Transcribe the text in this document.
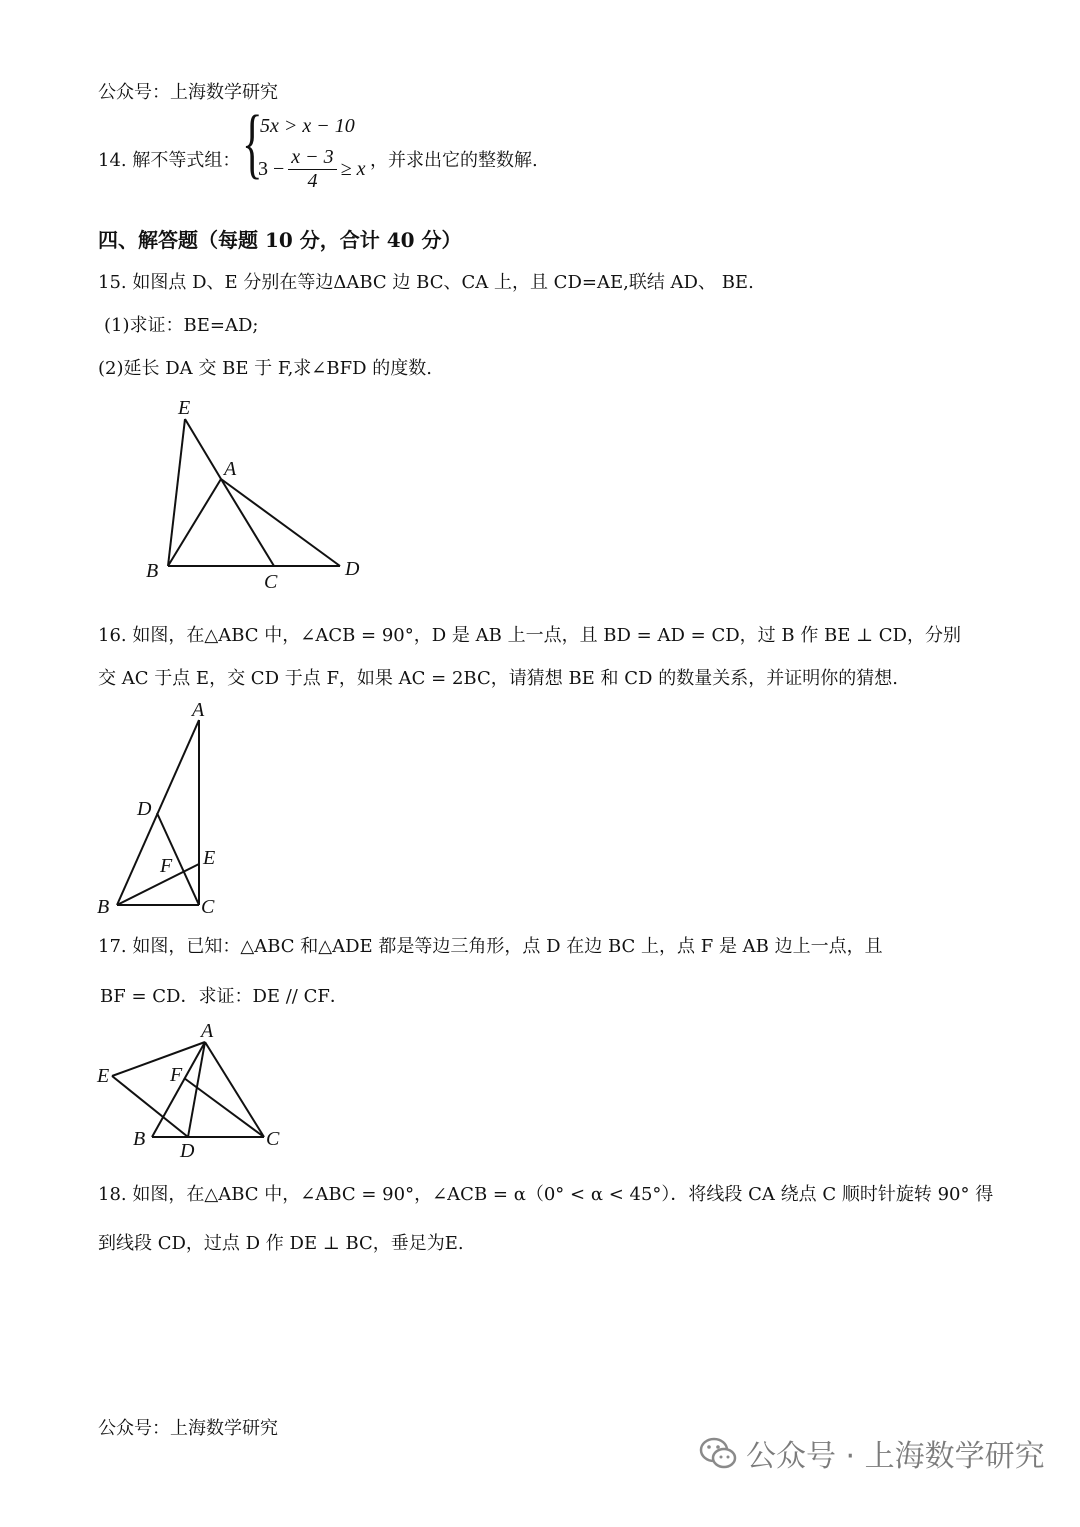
公众号：上海数学研究
14. 解不等式组： {
5x > x − 10
$3 - \frac{x - 3}{4} \ge x$ ，并求出它的整数解.
四、解答题（每题 10 分，合计 40 分）
15. 如图点 D、E 分别在等边ΔABC 边 BC、CA 上，且 CD=AE,联结 AD、 BE.
(1)求证：BE=AD;
(2)延长 DA 交 BE 于 F,求∠BFD 的度数.
E
A
B	C
D
A
D
F E
B	C
A
E	F
B
D
C
16. 如图，在△ABC 中，∠ACB = 90°，D 是 AB 上一点，且 BD = AD = CD，过 B 作 BE ⊥ CD，分别
交 AC 于点 E，交 CD 于点 F，如果 AC = 2BC，请猜想 BE 和 CD 的数量关系，并证明你的猜想.
17. 如图，已知：△ABC 和△ADE 都是等边三角形，点 D 在边 BC 上，点 F 是 AB 边上一点，且
BF = CD．求证：DE // CF．
18. 如图，在△ABC 中，∠ABC = 90°，∠ACB = α（0° < α < 45°）．将线段 CA 绕点 C 顺时针旋转 90° 得
到线段 CD，过点 D 作 DE ⊥ BC，垂足为E.
公众号：上海数学研究
公众号 · 上海数学研究
